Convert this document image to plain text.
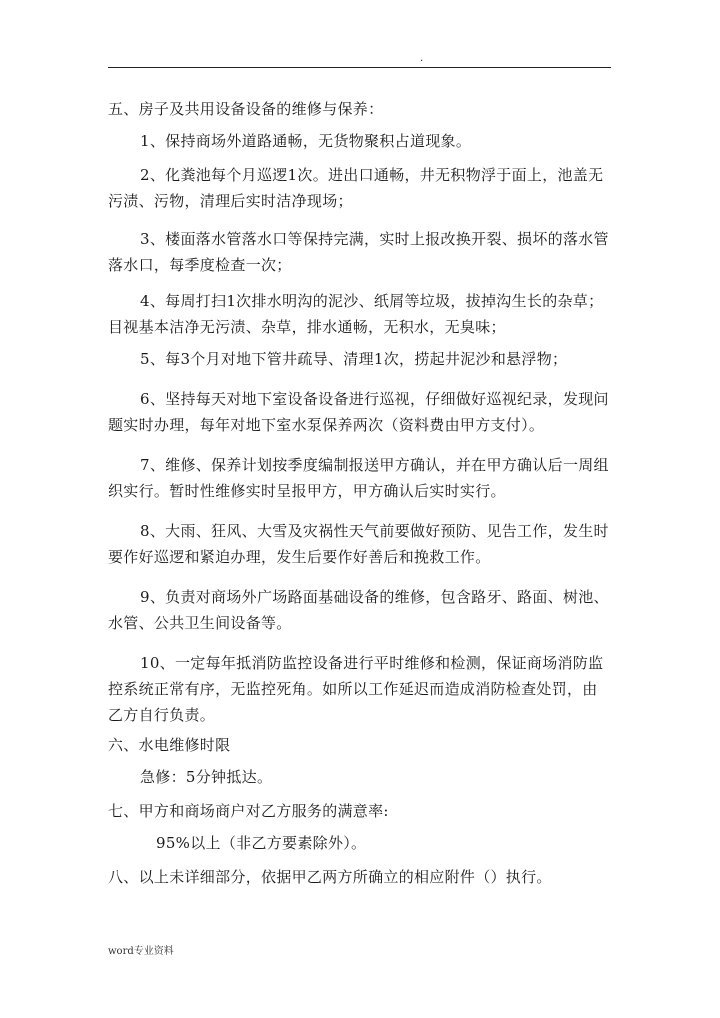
.

五、房子及共用设备设备的维修与保养：

1、保持商场外道路通畅，无货物聚积占道现象。

2、化粪池每个月巡逻1次。进出口通畅，井无积物浮于面上，池盖无污渍、污物，清理后实时洁净现场；

3、楼面落水管落水口等保持完满，实时上报改换开裂、损坏的落水管落水口，每季度检查一次；

4、每周打扫1次排水明沟的泥沙、纸屑等垃圾，拔掉沟生长的杂草；目视基本洁净无污渍、杂草，排水通畅，无积水，无臭味；

5、每3个月对地下管井疏导、清理1次，捞起井泥沙和悬浮物；

6、坚持每天对地下室设备设备进行巡视，仔细做好巡视纪录，发现问题实时办理，每年对地下室水泵保养两次（资料费由甲方支付）。

7、维修、保养计划按季度编制报送甲方确认，并在甲方确认后一周组织实行。暂时性维修实时呈报甲方，甲方确认后实时实行。

8、大雨、狂风、大雪及灾祸性天气前要做好预防、见告工作，发生时要作好巡逻和紧迫办理，发生后要作好善后和挽救工作。

9、负责对商场外广场路面基础设备的维修，包含路牙、路面、树池、水管、公共卫生间设备等。

10、一定每年抵消防监控设备进行平时维修和检测，保证商场消防监控系统正常有序，无监控死角。如所以工作延迟而造成消防检查处罚，由乙方自行负责。

六、水电维修时限

急修：5分钟抵达。

七、甲方和商场商户对乙方服务的满意率:

95%以上（非乙方要素除外）。

八、以上未详细部分，依据甲乙两方所确立的相应附件（）执行。

word专业资料
